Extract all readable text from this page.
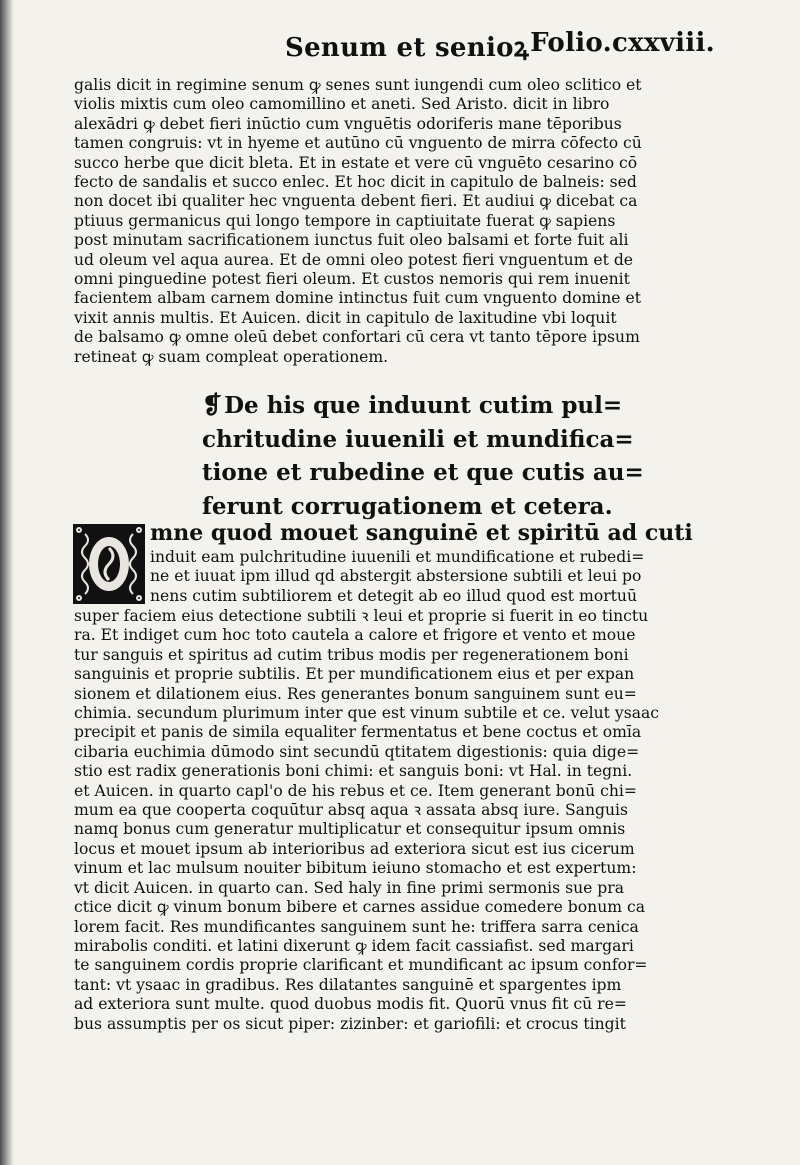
Senum et senioꝝ Folio.cxxviii.
galis dicit in regimine senum ꝙ senes sunt iungendi cum oleo sclitico et
violis mixtis cum oleo camomillino et aneti. Sed Aristo. dicit in libro
alexādri ꝙ debet fieri inūctio cum vnguētis odoriferis mane tēporibus
tamen congruis: vt in hyeme et autūno cū vnguento de mirra cōfecto cū
succo herbe que dicit bleta. Et in estate et vere cū vnguēto cesarino cō
fecto de sandalis et succo enlec. Et hoc dicit in capitulo de balneis: sed
non docet ibi qualiter hec vnguenta debent fieri. Et audiui ꝙ dicebat ca
ptiuus germanicus qui longo tempore in captiuitate fuerat ꝙ sapiens
post minutam sacrificationem iunctus fuit oleo balsami et forte fuit ali
ud oleum vel aqua aurea. Et de omni oleo potest fieri vnguentum et de
omni pinguedine potest fieri oleum. Et custos nemoris qui rem inuenit
facientem albam carnem domine intinctus fuit cum vnguento domine et
vixit annis multis. Et Auicen. dicit in capitulo de laxitudine vbi loquit
de balsamo ꝙ omne oleū debet confortari cū cera vt tanto tēpore ipsum
retineat ꝙ suam compleat operationem.
❡De his que induunt cutim pul=
chritudine iuuenili et mundifica=
tione et rubedine et que cutis au=
ferunt corrugationem et cetera.
mne quod mouet sanguinē et spiritū ad cuti
induit eam pulchritudine iuuenili et mundificatione et rubedi=
ne et iuuat ipm illud qd abstergit abstersione subtili et leui po
nens cutim subtiliorem et detegit ab eo illud quod est mortuū
super faciem eius detectione subtili ꝛ leui et proprie si fuerit in eo tinctu
ra. Et indiget cum hoc toto cautela a calore et frigore et vento et moue
tur sanguis et spiritus ad cutim tribus modis per regenerationem boni
sanguinis et proprie subtilis. Et per mundificationem eius et per expan
sionem et dilationem eius. Res generantes bonum sanguinem sunt eu=
chimia. secundum plurimum inter que est vinum subtile et ce. velut ysaac
precipit et panis de simila equaliter fermentatus et bene coctus et omīa
cibaria euchimia dūmodo sint secundū qtitatem digestionis: quia dige=
stio est radix generationis boni chimi: et sanguis boni: vt Hal. in tegni.
et Auicen. in quarto capl'o de his rebus et ce. Item generant bonū chi=
mum ea que cooperta coquūtur absq aqua ꝛ assata absq iure. Sanguis
namq bonus cum generatur multiplicatur et consequitur ipsum omnis
locus et mouet ipsum ab interioribus ad exteriora sicut est ius cicerum
vinum et lac mulsum nouiter bibitum ieiuno stomacho et est expertum:
vt dicit Auicen. in quarto can. Sed haly in fine primi sermonis sue pra
ctice dicit ꝙ vinum bonum bibere et carnes assidue comedere bonum ca
lorem facit. Res mundificantes sanguinem sunt he: triffera sarra cenica
mirabolis conditi. et latini dixerunt ꝙ idem facit cassiafist. sed margari
te sanguinem cordis proprie clarificant et mundificant ac ipsum confor=
tant: vt ysaac in gradibus. Res dilatantes sanguinē et spargentes ipm
ad exteriora sunt multe. quod duobus modis fit. Quorū vnus fit cū re=
bus assumptis per os sicut piper: zizinber: et gariofili: et crocus tingit
